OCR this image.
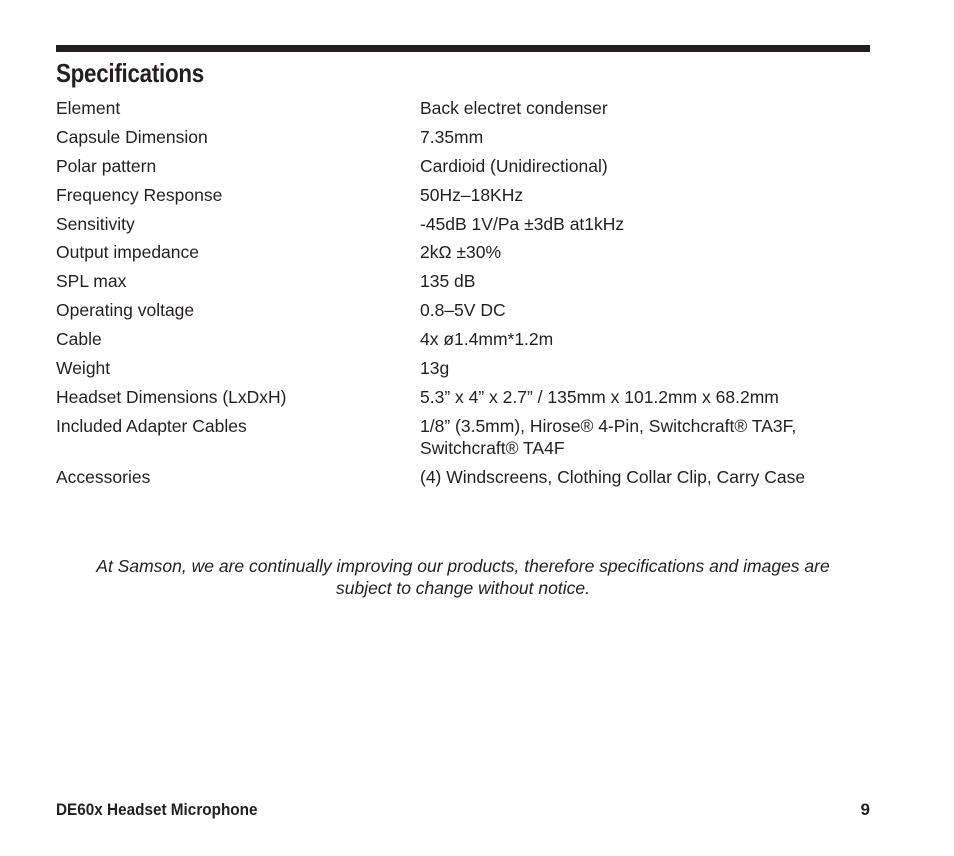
Specifications
Element	Back electret condenser
Capsule Dimension	7.35mm
Polar pattern	Cardioid (Unidirectional)
Frequency Response	50Hz–18KHz
Sensitivity	-45dB 1V/Pa ±3dB at1kHz
Output impedance	2kΩ ±30%
SPL max	135 dB
Operating voltage	0.8–5V DC
Cable	4x ø1.4mm*1.2m
Weight	13g
Headset Dimensions (LxDxH)	5.3” x 4” x 2.7” / 135mm x 101.2mm x 68.2mm
Included Adapter Cables	1/8” (3.5mm), Hirose® 4-Pin, Switchcraft® TA3F,
Switchcraft® TA4F
Accessories	(4) Windscreens, Clothing Collar Clip, Carry Case
At Samson, we are continually improving our products, therefore specifications and images are
subject to change without notice.
DE60x Headset Microphone	9
